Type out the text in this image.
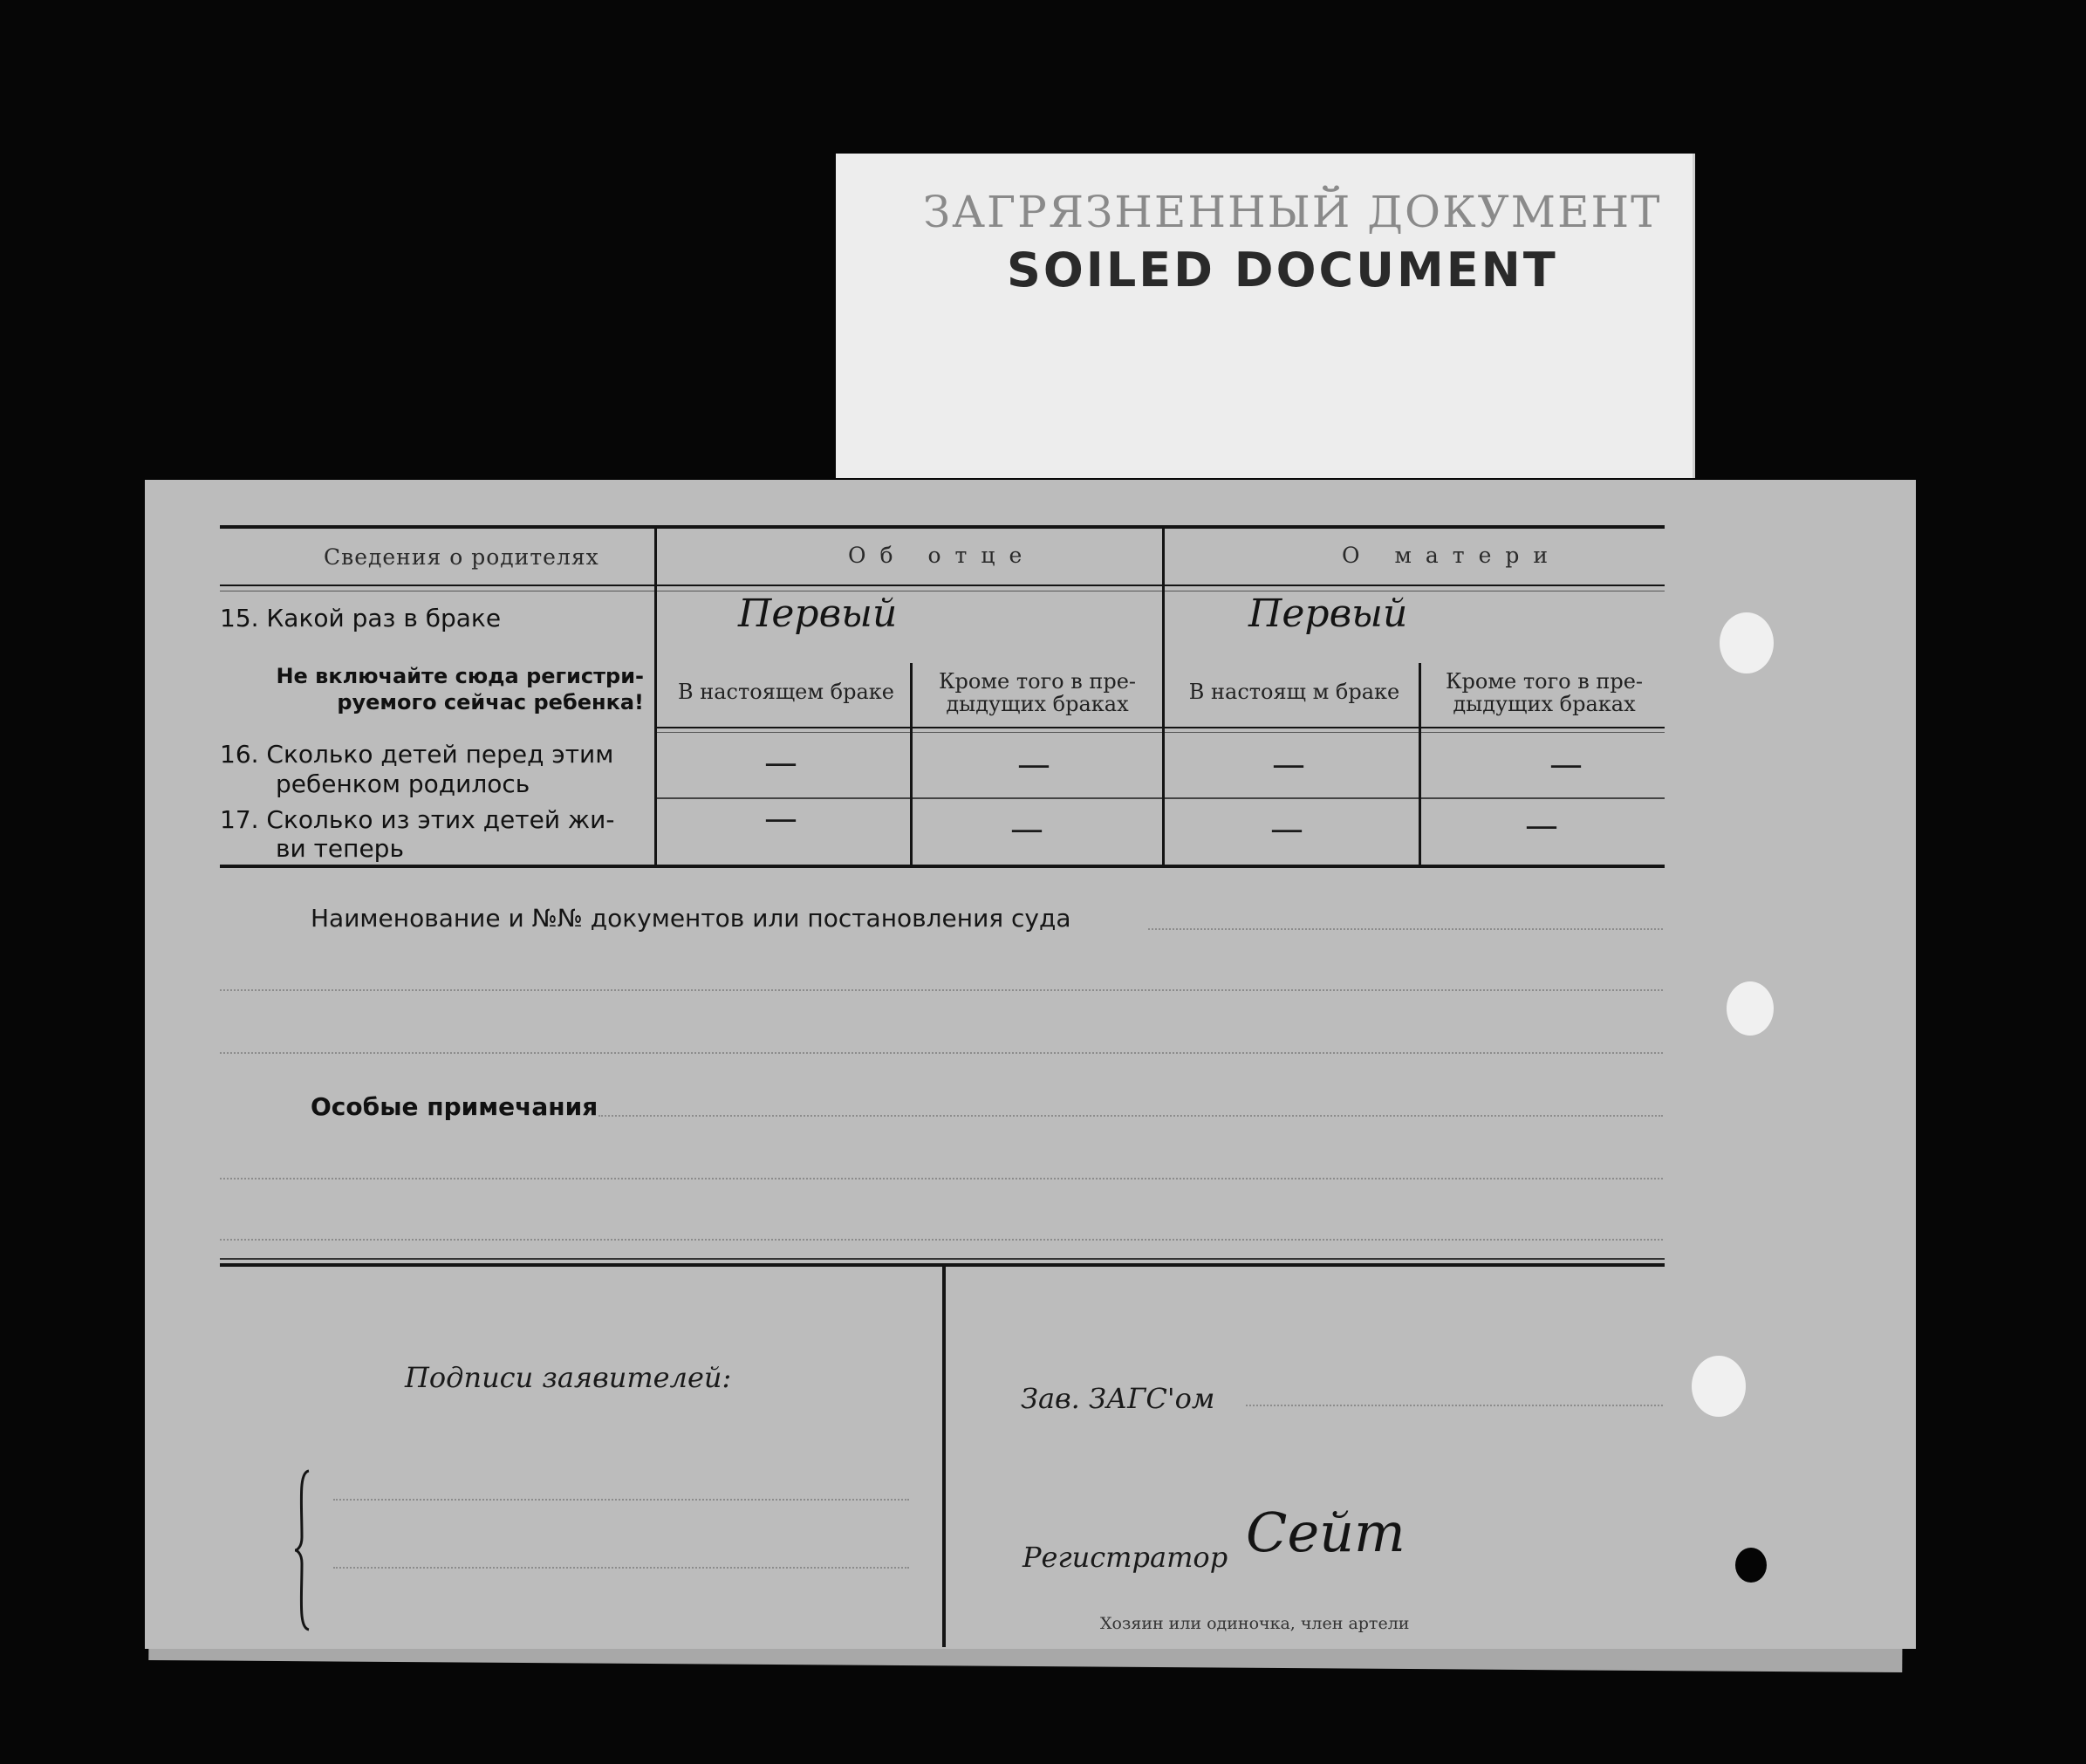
ЗАГРЯЗНЕННЫЙ ДОКУМЕНТ
SOILED DOCUMENT
Сведения о родителях	Об отце	О матери
15. Какой раз в браке	Первый	Первый
Не включайте сюда регистри- руемого сейчас ребенка!	В настоящем браке	Кроме того в пре- дыдущих браках	В настоящ м браке	Кроме того в пре- дыдущих браках
16. Сколько детей перед этим
ребенком родилось
—	—	—	—
17. Сколько из этих детей жи-
ви теперь
—	—	—	—
Наименование и №№ документов или постановления суда
Особые примечания
Подписи заявителей:
Зав. ЗАГС'ом
Регистратор Сейт
Хозяин или одиночка, член артели
